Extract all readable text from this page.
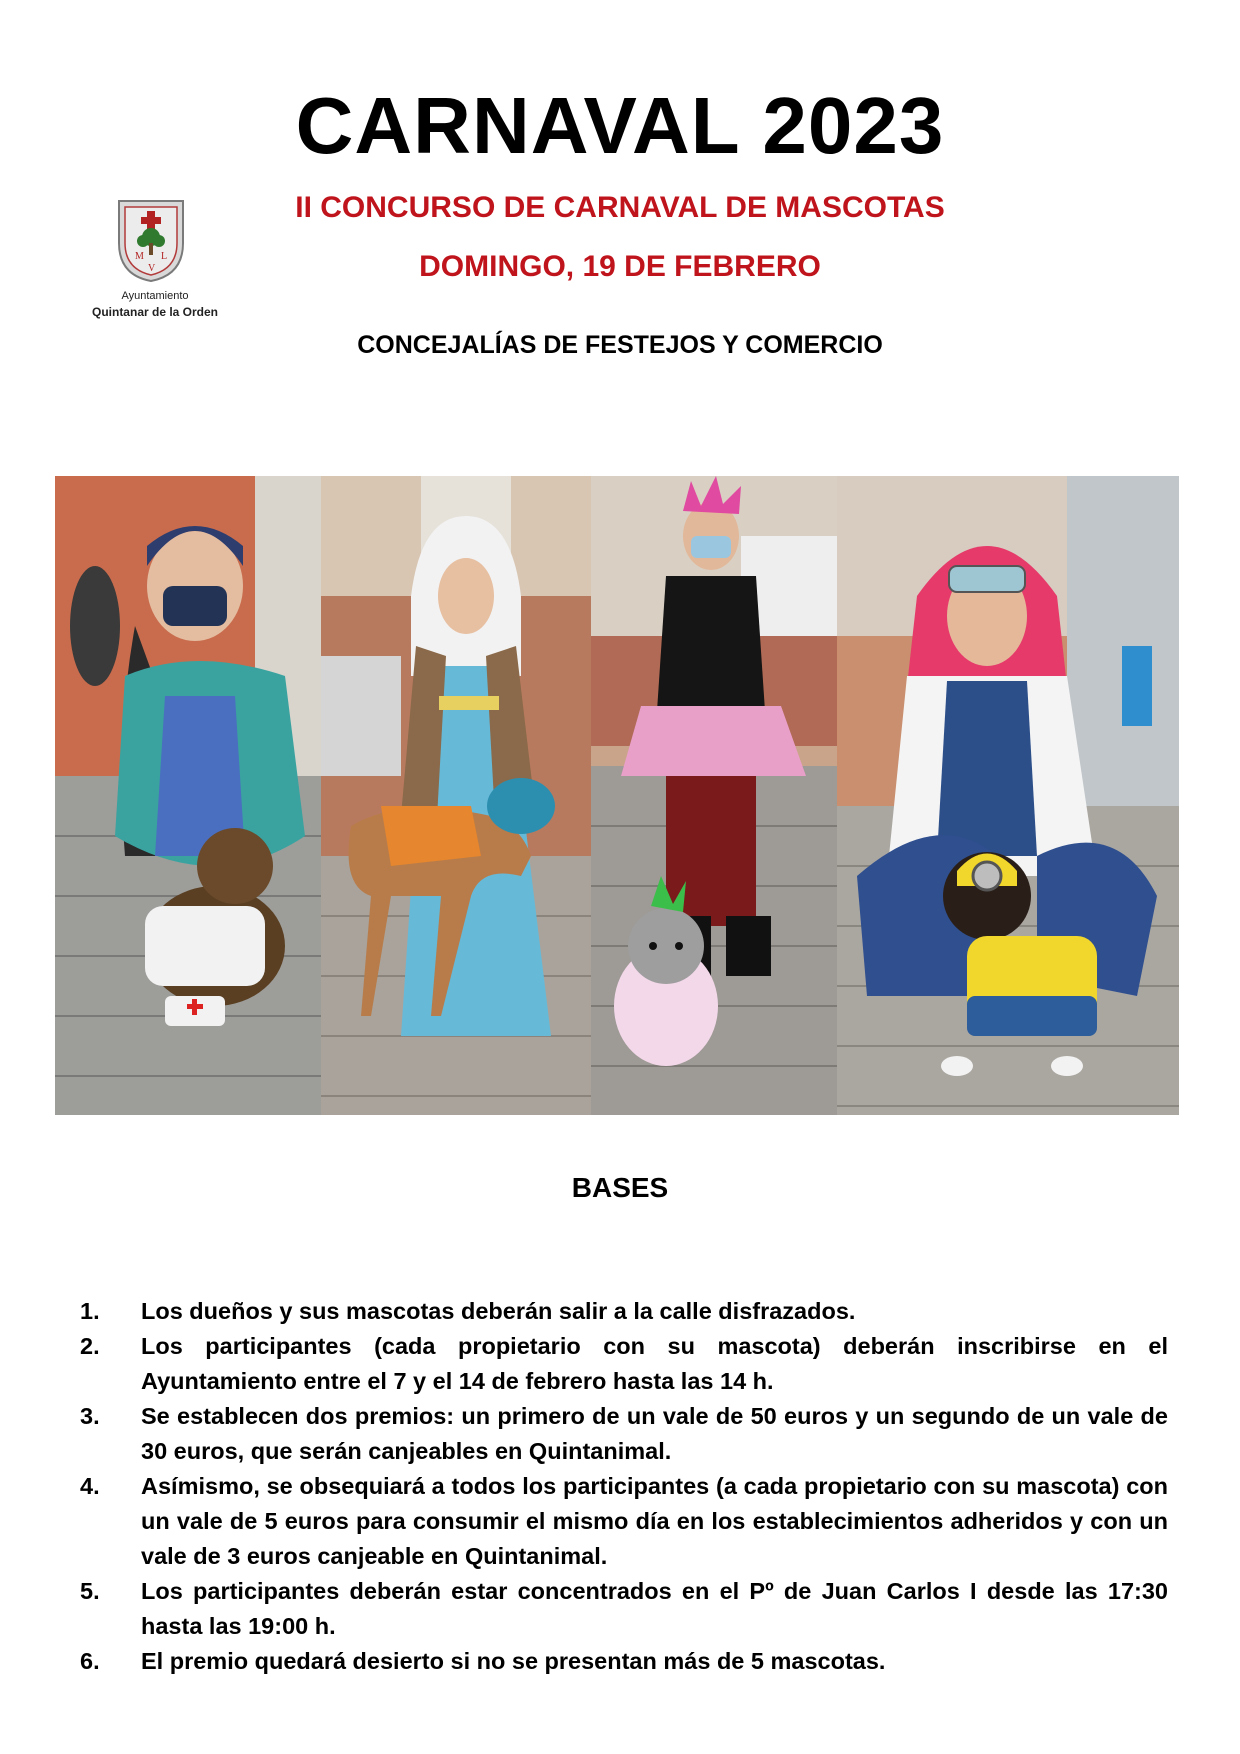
M L
V
Ayuntamiento
Quintanar de la Orden
CARNAVAL 2023
II CONCURSO DE CARNAVAL DE MASCOTAS
DOMINGO, 19 DE FEBRERO
CONCEJALÍAS DE FESTEJOS Y COMERCIO
BASES
1. Los dueños y sus mascotas deberán salir a la calle disfrazados.
2. Los participantes (cada propietario con su mascota) deberán inscribirse en el Ayuntamiento entre el 7 y el 14 de febrero hasta las 14 h.
3. Se establecen dos premios: un primero de un vale de 50 euros y un segundo de un vale de 30 euros, que serán canjeables en Quintanimal.
4. Asímismo, se obsequiará a todos los participantes (a cada propietario con su mascota) con un vale de 5 euros para consumir el mismo día en los establecimientos adheridos y con un vale de 3 euros canjeable en Quintanimal.
5. Los participantes deberán estar concentrados en el Pº de Juan Carlos I desde las 17:30 hasta las 19:00 h.
6. El premio quedará desierto si no se presentan más de 5 mascotas.
